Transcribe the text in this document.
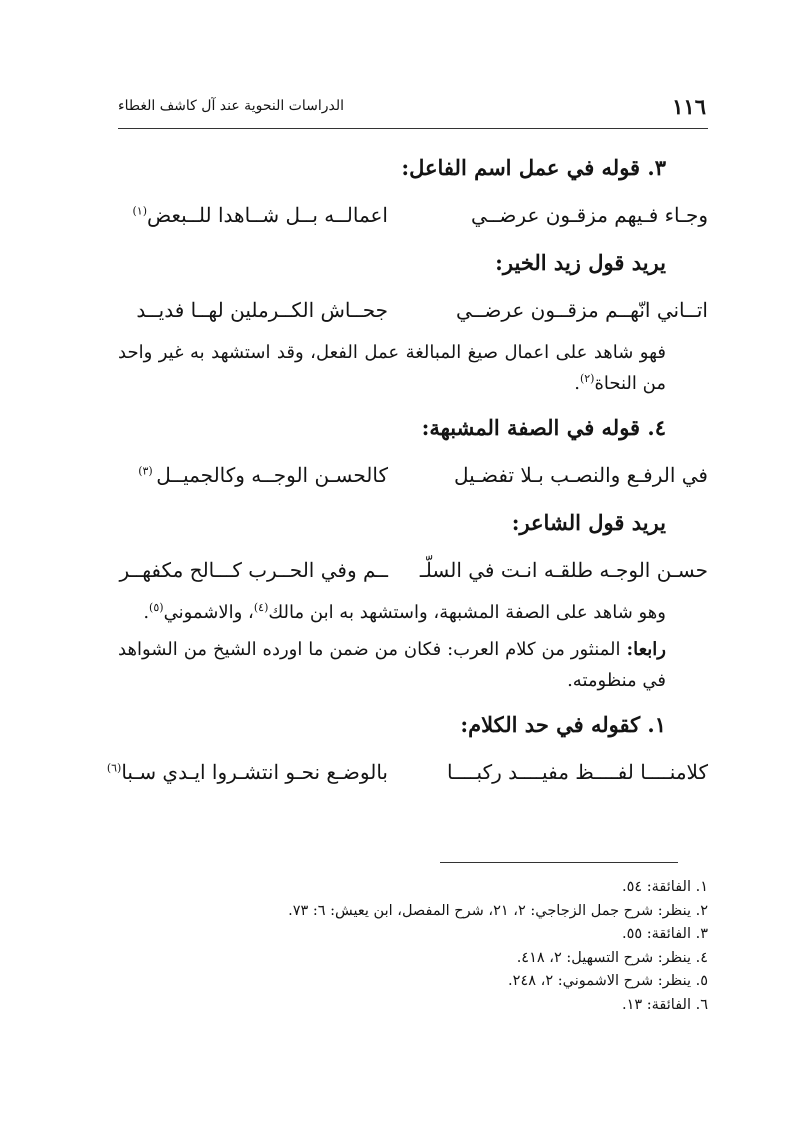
١١٦
الدراسات النحوية عند آل كاشف الغطاء
٣. قوله في عمل اسم الفاعل:
وجـاء فـيهم مزقـون عرضــي
اعمالــه بــل شــاهدا للــبعض$^{(١)}$
يريد قول زيد الخير:
اتــاني انّهــم مزقــون عرضــي
جحــاش الكــرملين لهــا فديــد
فهو شاهد على اعمال صيغ المبالغة عمل الفعل، وقد استشهد به غير واحد من النحاة$^{(٢)}$.
٤. قوله في الصفة المشبهة:
في الرفـع والنصـب بـلا تفضـيل
كالحسـن الوجــه وكالجميــل $^{(٣)}$
يريد قول الشاعر:
حسـن الوجـه طلقـه انـت في السلّـ
ــم وفي الحــرب كـــالح مكفهــر
وهو شاهد على الصفة المشبهة، واستشهد به ابن مالك$^{(٤)}$، والاشموني$^{(٥)}$.
رابعا: المنثور من كلام العرب: فكان من ضمن ما اورده الشيخ من الشواهد في منظومته.
١. كقوله في حد الكلام:
كلامنــــا لفــــظ مفيــــد ركبــــا
بالوضـع نحـو انتشـروا ايـدي سـبا$^{(٦)}$
١. الفائقة: ٥٤.
٢. ينظر: شرح جمل الزجاجي: ٢، ٢١، شرح المفصل، ابن يعيش: ٦: ٧٣.
٣. الفائقة: ٥٥.
٤. ينظر: شرح التسهيل: ٢، ٤١٨.
٥. ينظر: شرح الاشموني: ٢، ٢٤٨.
٦. الفائقة: ١٣.
